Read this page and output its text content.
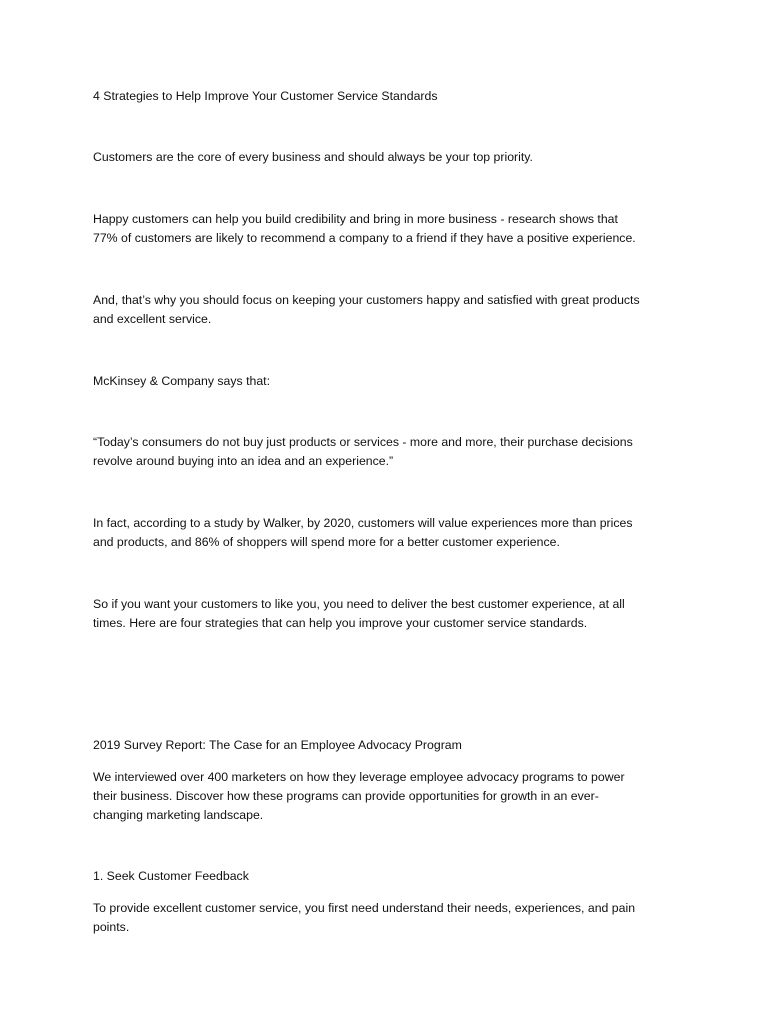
4 Strategies to Help Improve Your Customer Service Standards

Customers are the core of every business and should always be your top priority.

Happy customers can help you build credibility and bring in more business - research shows that
77% of customers are likely to recommend a company to a friend if they have a positive experience.

And, that’s why you should focus on keeping your customers happy and satisfied with great products
and excellent service.

McKinsey & Company says that:

“Today’s consumers do not buy just products or services - more and more, their purchase decisions
revolve around buying into an idea and an experience.”

In fact, according to a study by Walker, by 2020, customers will value experiences more than prices
and products, and 86% of shoppers will spend more for a better customer experience.

So if you want your customers to like you, you need to deliver the best customer experience, at all
times. Here are four strategies that can help you improve your customer service standards.

2019 Survey Report: The Case for an Employee Advocacy Program

We interviewed over 400 marketers on how they leverage employee advocacy programs to power
their business. Discover how these programs can provide opportunities for growth in an ever-
changing marketing landscape.

1. Seek Customer Feedback

To provide excellent customer service, you first need understand their needs, experiences, and pain
points.
